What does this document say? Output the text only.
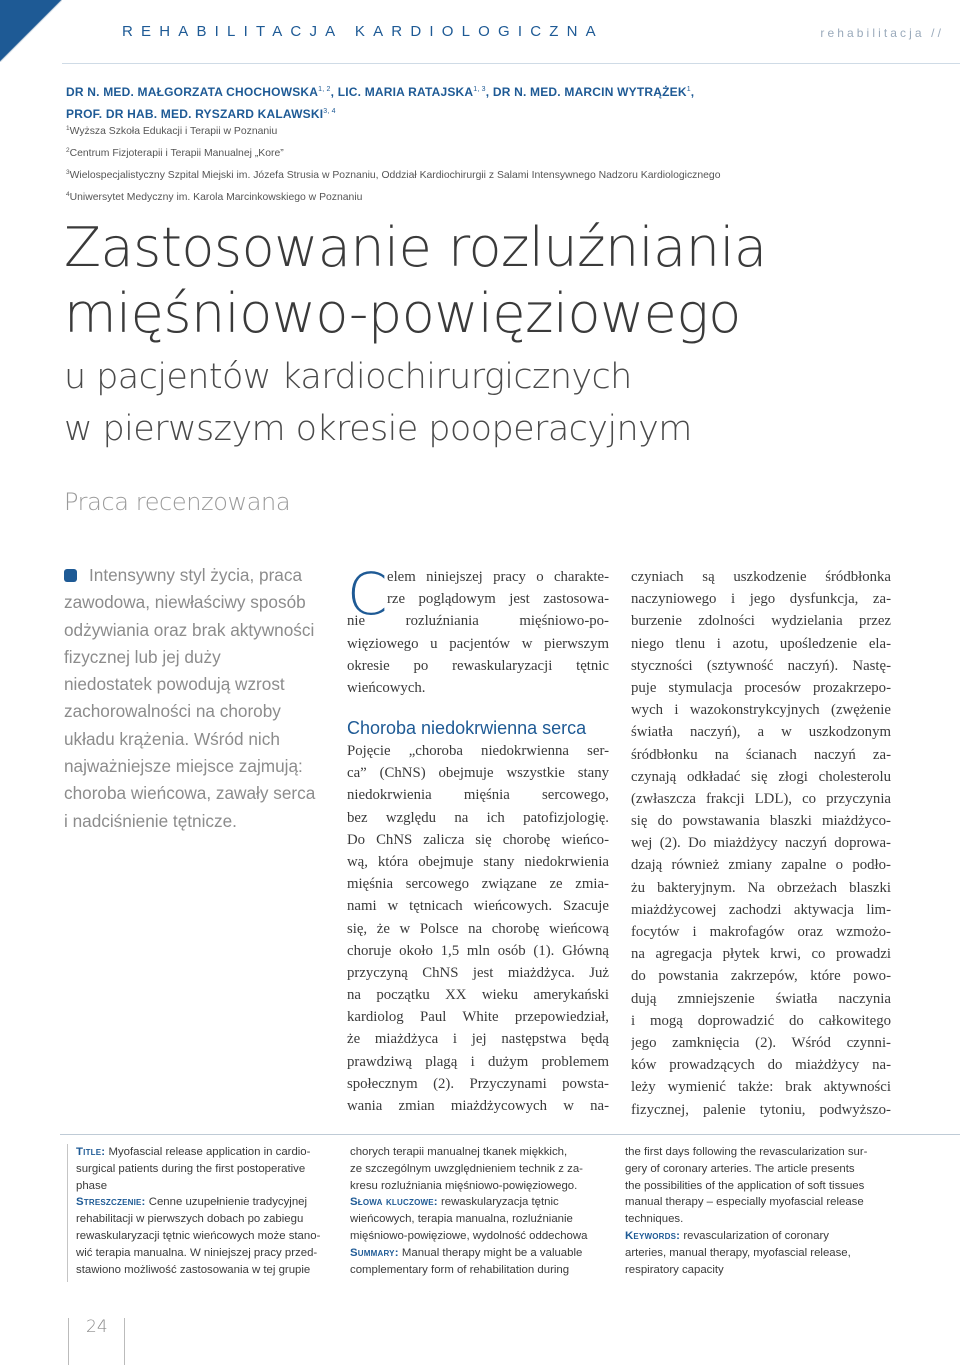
REHABILITACJA KARDIOLOGICZNA	rehabilitacja //
DR N. MED. MAŁGORZATA CHOCHOWSKA$^{1, 2}$, LIC. MARIA RATAJSKA$^{1, 3}$, DR N. MED. MARCIN WYTRĄŻEK$^1$,
PROF. DR HAB. MED. RYSZARD KALAWSKI$^{3, 4}$
$^1$Wyższa Szkoła Edukacji i Terapii w Poznaniu
$^2$Centrum Fizjoterapii i Terapii Manualnej „Kore”
$^3$Wielospecjalistyczny Szpital Miejski im. Józefa Strusia w Poznaniu, Oddział Kardiochirurgii z Salami Intensywnego Nadzoru Kardiologicznego
$^4$Uniwersytet Medyczny im. Karola Marcinkowskiego w Poznaniu
Zastosowanie rozluźniania
mięśniowo-powięziowego
u pacjentów kardiochirurgicznych
w pierwszym okresie pooperacyjnym
Praca recenzowana
Intensywny styl życia, praca
zawodowa, niewłaściwy sposób
odżywiania oraz brak aktywności
fizycznej lub jej duży
niedostatek powodują wzrost
zachorowalności na choroby
układu krążenia. Wśród nich
najważniejsze miejsce zajmują:
choroba wieńcowa, zawały serca
i nadciśnienie tętnicze.
C elem niniejszej pracy o charakte-
rze poglądowym jest zastosowa-
nie rozluźniania mięśniowo-po-
więziowego u pacjentów w pierwszym
okresie po rewaskularyzacji tętnic
wieńcowych.
Choroba niedokrwienna serca
Pojęcie „choroba niedokrwienna ser-
ca” (ChNS) obejmuje wszystkie stany
niedokrwienia mięśnia sercowego,
bez względu na ich patofizjologię.
Do ChNS zalicza się chorobę wieńco-
wą, która obejmuje stany niedokrwienia
mięśnia sercowego związane ze zmia-
nami w tętnicach wieńcowych. Szacuje
się, że w Polsce na chorobę wieńcową
choruje około 1,5 mln osób (1). Główną
przyczyną ChNS jest miażdżyca. Już
na początku XX wieku amerykański
kardiolog Paul White przepowiedział,
że miażdżyca i jej następstwa będą
prawdziwą plagą i dużym problemem
społecznym (2). Przyczynami powsta-
wania zmian miażdżycowych w na-
czyniach są uszkodzenie śródbłonka
naczyniowego i jego dysfunkcja, za-
burzenie zdolności wydzielania przez
niego tlenu i azotu, upośledzenie ela-
styczności (sztywność naczyń). Nastę-
puje stymulacja procesów prozakrzepo-
wych i wazokonstrykcyjnych (zwężenie
światła naczyń), a w uszkodzonym
śródbłonku na ścianach naczyń za-
czynają odkładać się złogi cholesterolu
(zwłaszcza frakcji LDL), co przyczynia
się do powstawania blaszki miażdżyco-
wej (2). Do miażdżycy naczyń doprowa-
dzają również zmiany zapalne o podło-
żu bakteryjnym. Na obrzeżach blaszki
miażdżycowej zachodzi aktywacja lim-
focytów i makrofagów oraz wzmożo-
na agregacja płytek krwi, co prowadzi
do powstania zakrzepów, które powo-
dują zmniejszenie światła naczynia
i mogą doprowadzić do całkowitego
jego zamknięcia (2). Wśród czynni-
ków prowadzących do miażdżycy na-
leży wymienić także: brak aktywności
fizycznej, palenie tytoniu, podwyższo-
Title: Myofascial release application in cardio-
surgical patients during the first postoperative
phase
Streszczenie: Cenne uzupełnienie tradycyjnej
rehabilitacji w pierwszych dobach po zabiegu
rewaskularyzacji tętnic wieńcowych może stano-
wić terapia manualna. W niniejszej pracy przed-
stawiono możliwość zastosowania w tej grupie
chorych terapii manualnej tkanek miękkich,
ze szczególnym uwzględnieniem technik z za-
kresu rozluźniania mięśniowo-powięziowego.
Słowa kluczowe: rewaskularyzacja tętnic
wieńcowych, terapia manualna, rozluźnianie
mięśniowo-powięziowe, wydolność oddechowa
Summary: Manual therapy might be a valuable
complementary form of rehabilitation during
the first days following the revascularization sur-
gery of coronary arteries. The article presents
the possibilities of the application of soft tissues
manual therapy – especially myofascial release
techniques.
Keywords: revascularization of coronary
arteries, manual therapy, myofascial release,
respiratory capacity
24
